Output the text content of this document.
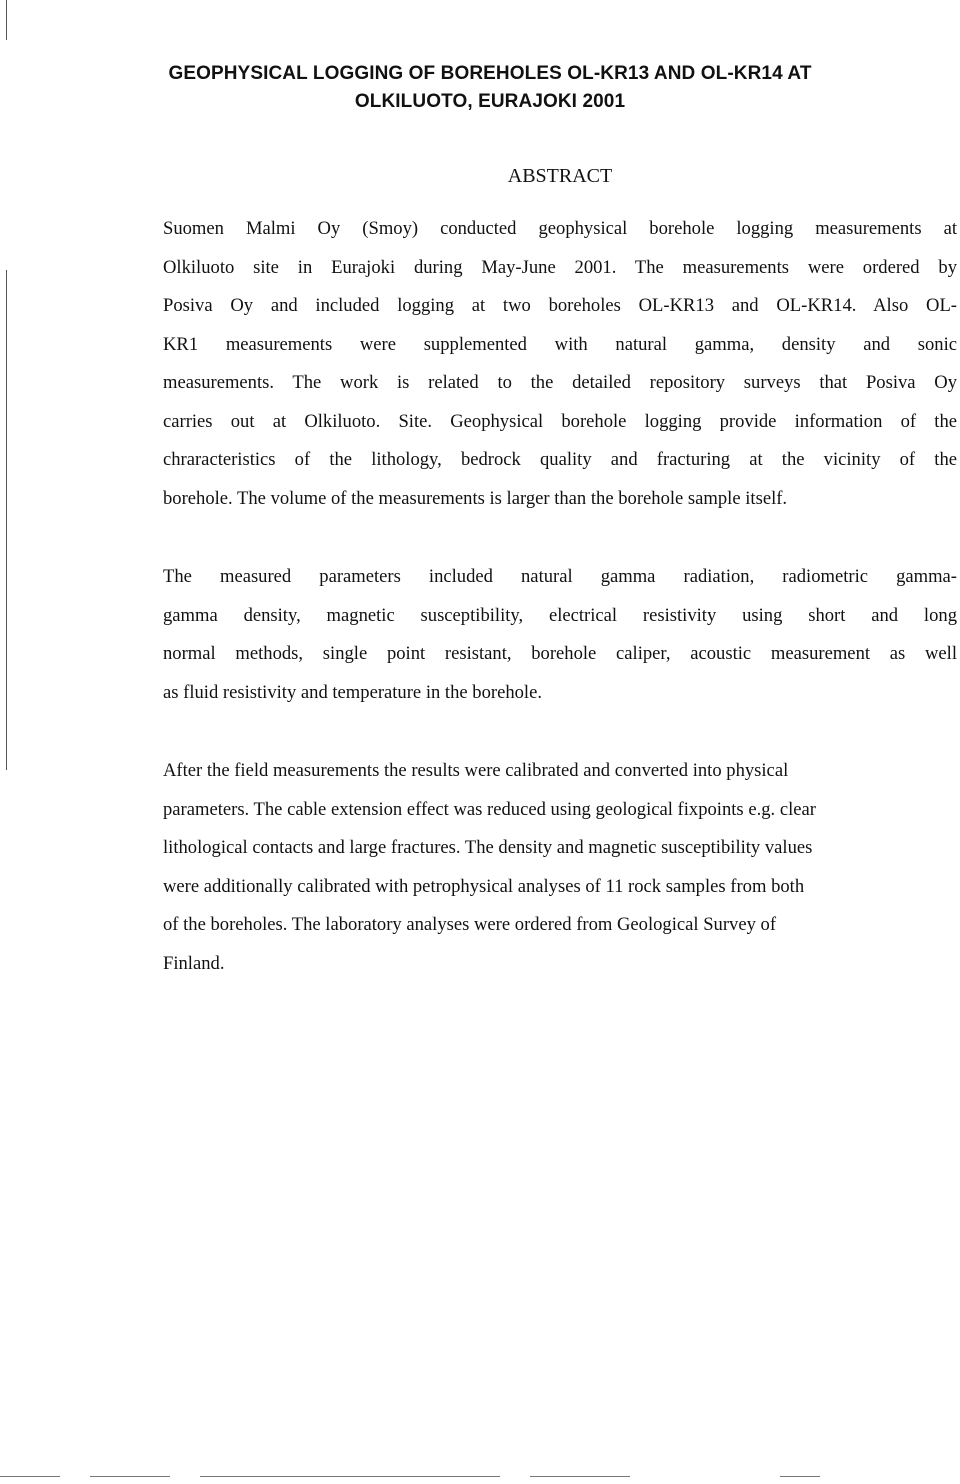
GEOPHYSICAL LOGGING OF BOREHOLES OL-KR13 AND OL-KR14 AT
OLKILUOTO, EURAJOKI 2001
ABSTRACT

Suomen Malmi Oy (Smoy) conducted geophysical borehole logging measurements at
Olkiluoto site in Eurajoki during May-June 2001. The measurements were ordered by
Posiva Oy and included logging at two boreholes OL-KR13 and OL-KR14. Also OL-
KR1 measurements were supplemented with natural gamma, density and sonic
measurements. The work is related to the detailed repository surveys that Posiva Oy
carries out at Olkiluoto. Site. Geophysical borehole logging provide information of the
chraracteristics of the lithology, bedrock quality and fracturing at the vicinity of the
borehole. The volume of the measurements is larger than the borehole sample itself.

The measured parameters included natural gamma radiation, radiometric gamma-
gamma density, magnetic susceptibility, electrical resistivity using short and long
normal methods, single point resistant, borehole caliper, acoustic measurement as well
as fluid resistivity and temperature in the borehole.

After the field measurements the results were calibrated and converted into physical
parameters. The cable extension effect was reduced using geological fixpoints e.g. clear
lithological contacts and large fractures. The density and magnetic susceptibility values
were additionally calibrated with petrophysical analyses of 11 rock samples from both
of the boreholes. The laboratory analyses were ordered from Geological Survey of
Finland.
